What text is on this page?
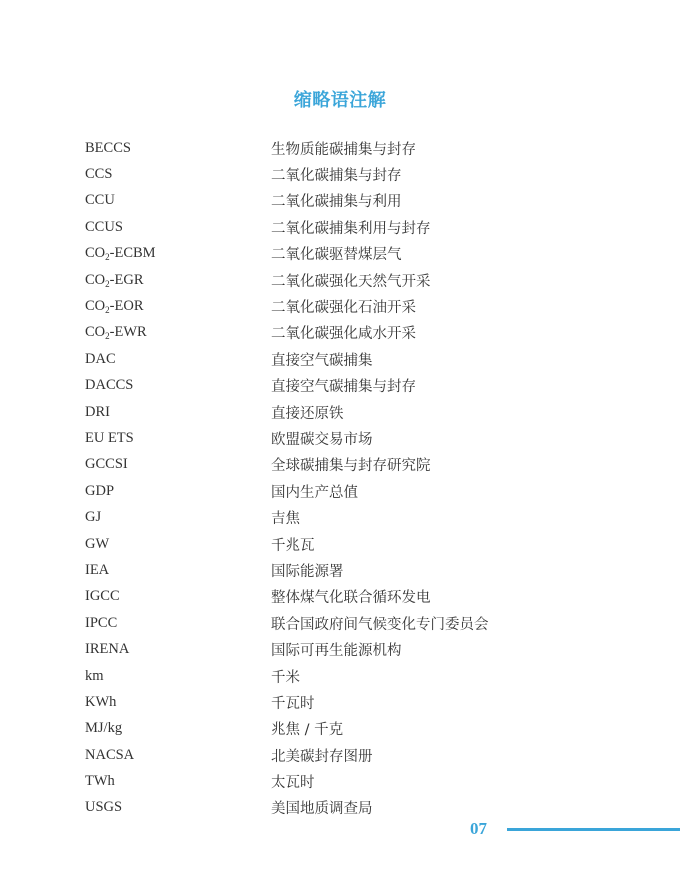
缩略语注解
BECCS	生物质能碳捕集与封存
CCS	二氧化碳捕集与封存
CCU	二氧化碳捕集与利用
CCUS	二氧化碳捕集利用与封存
$CO_2$-ECBM	二氧化碳驱替煤层气
$CO_2$-EGR	二氧化碳强化天然气开采
$CO_2$-EOR	二氧化碳强化石油开采
$CO_2$-EWR	二氧化碳强化咸水开采
DAC	直接空气碳捕集
DACCS	直接空气碳捕集与封存
DRI	直接还原铁
EU ETS	欧盟碳交易市场
GCCSI	全球碳捕集与封存研究院
GDP	国内生产总值
GJ	吉焦
GW	千兆瓦
IEA	国际能源署
IGCC	整体煤气化联合循环发电
IPCC	联合国政府间气候变化专门委员会
IRENA	国际可再生能源机构
km	千米
KWh	千瓦时
MJ/kg	兆焦 / 千克
NACSA	北美碳封存图册
TWh	太瓦时
USGS	美国地质调查局
07
